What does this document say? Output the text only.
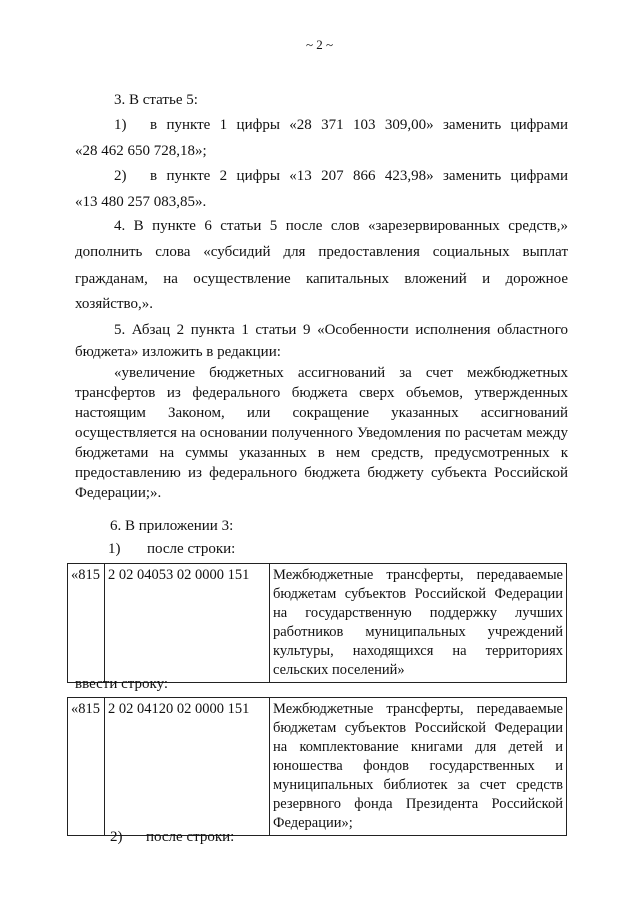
~ 2 ~
3. В статье 5:
1) в пункте 1 цифры «28 371 103 309,00» заменить цифрами
«28 462 650 728,18»;
2) в пункте 2 цифры «13 207 866 423,98» заменить цифрами
«13 480 257 083,85».
4. В пункте 6 статьи 5 после слов «зарезервированных средств,»
дополнить слова «субсидий для предоставления социальных выплат
гражданам, на осуществление капитальных вложений и дорожное
хозяйство,».
5. Абзац 2 пункта 1 статьи 9 «Особенности исполнения областного
бюджета» изложить в редакции:
«увеличение бюджетных ассигнований за счет межбюджетных
трансфертов из федерального бюджета сверх объемов, утвержденных
настоящим Законом, или сокращение указанных ассигнований
осуществляется на основании полученного Уведомления по расчетам между
бюджетами на суммы указанных в нем средств, предусмотренных к
предоставлению из федерального бюджета бюджету субъекта Российской
Федерации;».
6. В приложении 3:
1) после строки:
«815	2 02 04053 02 0000 151	Межбюджетные трансферты, передаваемые
бюджетам субъектов Российской Федерации
на государственную поддержку лучших
работников муниципальных учреждений
культуры, находящихся на территориях
сельских поселений»
ввести строку:
«815	2 02 04120 02 0000 151	Межбюджетные трансферты, передаваемые
бюджетам субъектов Российской Федерации
на комплектование книгами для детей и
юношества фондов государственных и
муниципальных библиотек за счет средств
резервного фонда Президента Российской
Федерации»;
2) после строки:
